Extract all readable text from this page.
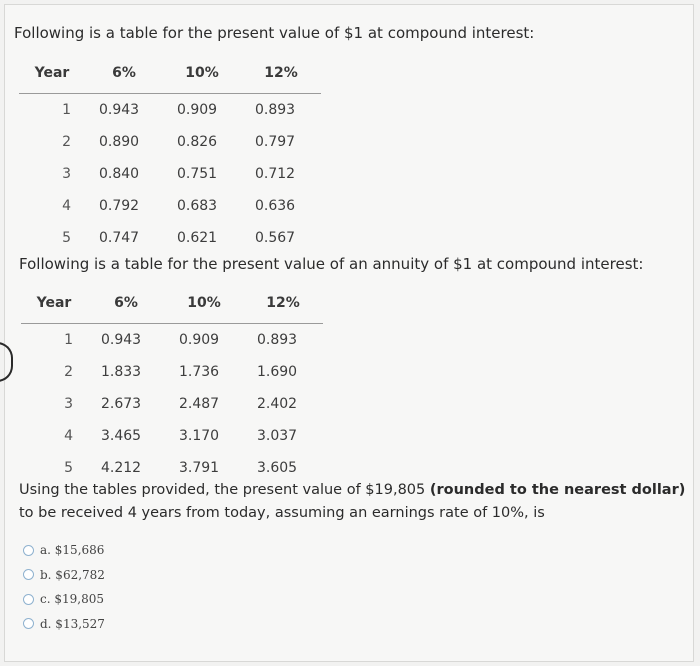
Following is a table for the present value of $1 at compound interest:
Year	6%	10%	12%
1	0.943	0.909	0.893
2	0.890	0.826	0.797
3	0.840	0.751	0.712
4	0.792	0.683	0.636
5	0.747	0.621	0.567
Following is a table for the present value of an annuity of $1 at compound interest:
Year	6%	10%	12%
1	0.943	0.909	0.893
2	1.833	1.736	1.690
3	2.673	2.487	2.402
4	3.465	3.170	3.037
5	4.212	3.791	3.605
Using the tables provided, the present value of $19,805 (rounded to the nearest dollar) to be received 4 years from today, assuming an earnings rate of 10%, is
a. $15,686
b. $62,782
c. $19,805
d. $13,527
